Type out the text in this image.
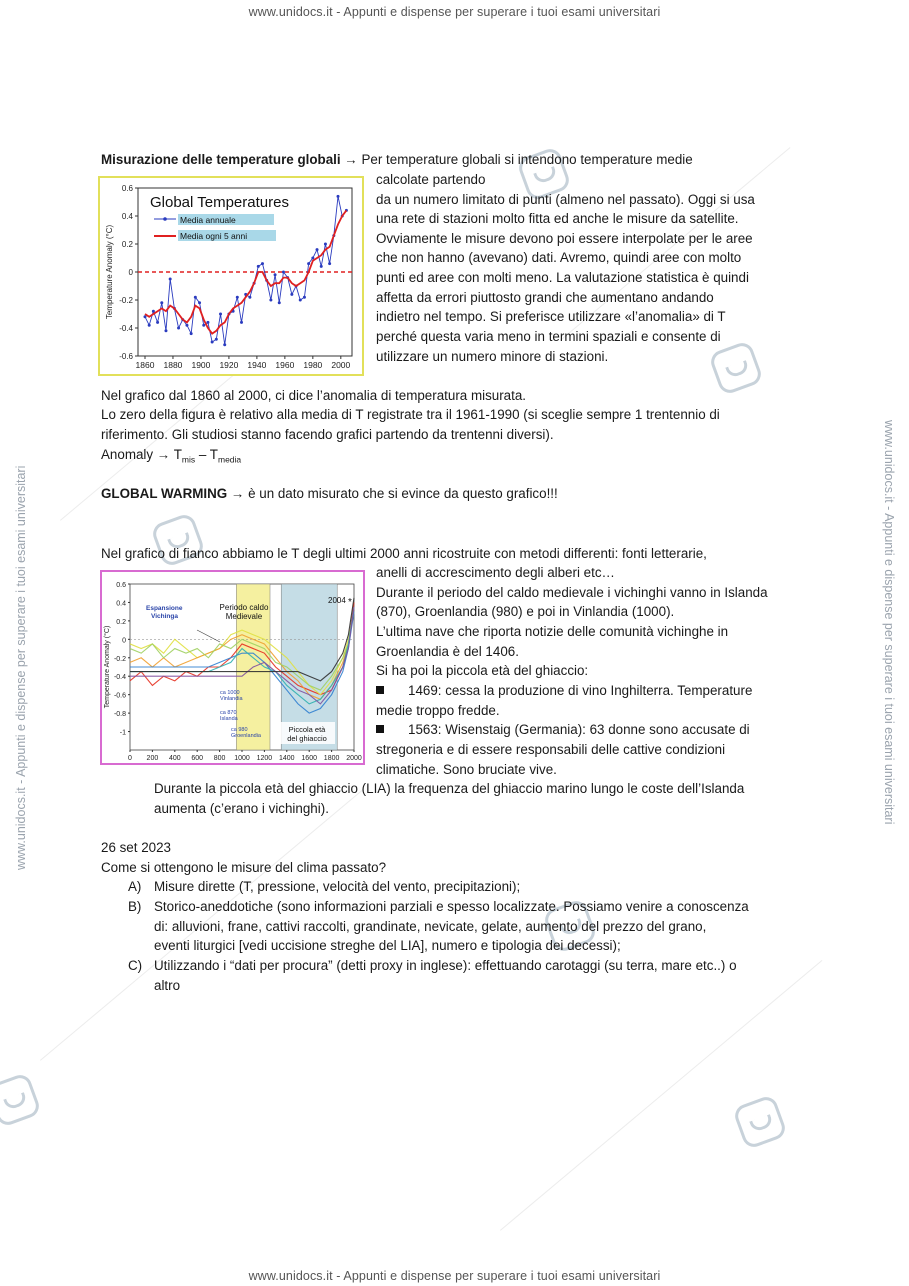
www.unidocs.it - Appunti e dispense per superare i tuoi esami universitari
www.unidocs.it - Appunti e dispense per superare i tuoi esami universitari
www.unidocs.it - Appunti e dispense per superare i tuoi esami universitari	www.unidocs.it - Appunti e dispense per superare i tuoi esami universitari
Misurazione delle temperature globali → Per temperature globali si intendono temperature medie
0.6
0.4
0.2
0
-0.2
-0.4
-0.6
1860 1880 1900 1920 1940 1960 1980 2000
Temperature Anomaly (°C)
Global Temperatures
Media annuale
Media ogni 5 anni
calcolate partendo
da un numero limitato di punti (almeno nel passato). Oggi si usa
una rete di stazioni molto fitta ed anche le misure da satellite.
Ovviamente le misure devono poi essere interpolate per le aree
che non hanno (avevano) dati. Avremo, quindi aree con molto
punti ed aree con molti meno. La valutazione statistica è quindi
affetta da errori piuttosto grandi che aumentano andando
indietro nel tempo. Si preferisce utilizzare «l’anomalia» di T
perché questa varia meno in termini spaziali e consente di
utilizzare un numero minore di stazioni.
Nel grafico dal 1860 al 2000, ci dice l’anomalia di temperatura misurata.
Lo zero della figura è relativo alla media di T registrate tra il 1961-1990 (si sceglie sempre 1 trentennio di
riferimento. Gli studiosi stanno facendo grafici partendo da trentenni diversi).
Anomaly → $T_{mis} - T_{media}$
GLOBAL WARMING → è un dato misurato che si evince da questo grafico!!!
Nel grafico di fianco abbiamo le T degli ultimi 2000 anni ricostruite con metodi differenti: fonti letterarie,
0.6
0.4
0.2
0
-0.2
-0.4
-0.6
-0.8
-1
0 200 400 600 800 1000 1200 1400 1600 1800 2000
Temperature Anomaly (°C)
Espansione
Vichinga
Periodo caldo
Medievale
Piccola età
del ghiaccio
2004 *
ca 1000
Vinlandia
ca 870
Islanda
ca 980
Groenlandia
anelli di accrescimento degli alberi etc…
Durante il periodo del caldo medievale i vichinghi vanno in Islanda
(870), Groenlandia (980) e poi in Vinlandia (1000).
L’ultima nave che riporta notizie delle comunità vichinghe in
Groenlandia è del 1406.
Si ha poi la piccola età del ghiaccio:
1469: cessa la produzione di vino Inghilterra. Temperature
medie troppo fredde.
1563: Wisenstaig (Germania): 63 donne sono accusate di
stregoneria e di essere responsabili delle cattive condizioni
climatiche. Sono bruciate vive.
Durante la piccola età del ghiaccio (LIA) la frequenza del ghiaccio marino lungo le coste dell’Islanda
aumenta (c’erano i vichinghi).
26 set 2023
Come si ottengono le misure del clima passato?
A) Misure dirette (T, pressione, velocità del vento, precipitazioni);
B) Storico-aneddotiche (sono informazioni parziali e spesso localizzate. Possiamo venire a conoscenza
di: alluvioni, frane, cattivi raccolti, grandinate, nevicate, gelate, aumento del prezzo del grano,
eventi liturgici [vedi uccisione streghe del LIA], numero e tipologia dei decessi);
C) Utilizzando i “dati per procura” (detti proxy in inglese): effettuando carotaggi (su terra, mare etc..) o
altro
